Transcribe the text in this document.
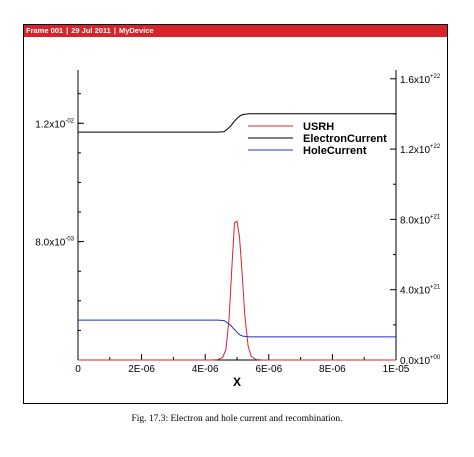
Frame 001 | 29 Jul 2011 | MyDevice
0	2E-06	4E-06	6E-06	8E-06	1E-05
$8.0x10^{-03}$
$1.2x10^{-02}$
$0.0x10^{+00}$
$4.0x10^{+21}$
$8.0x10^{+21}$
$1.2x10^{+22}$
$1.6x10^{+22}$
X
USRH
ElectronCurrent
HoleCurrent
Fig. 17.3: Electron and hole current and recombination.
